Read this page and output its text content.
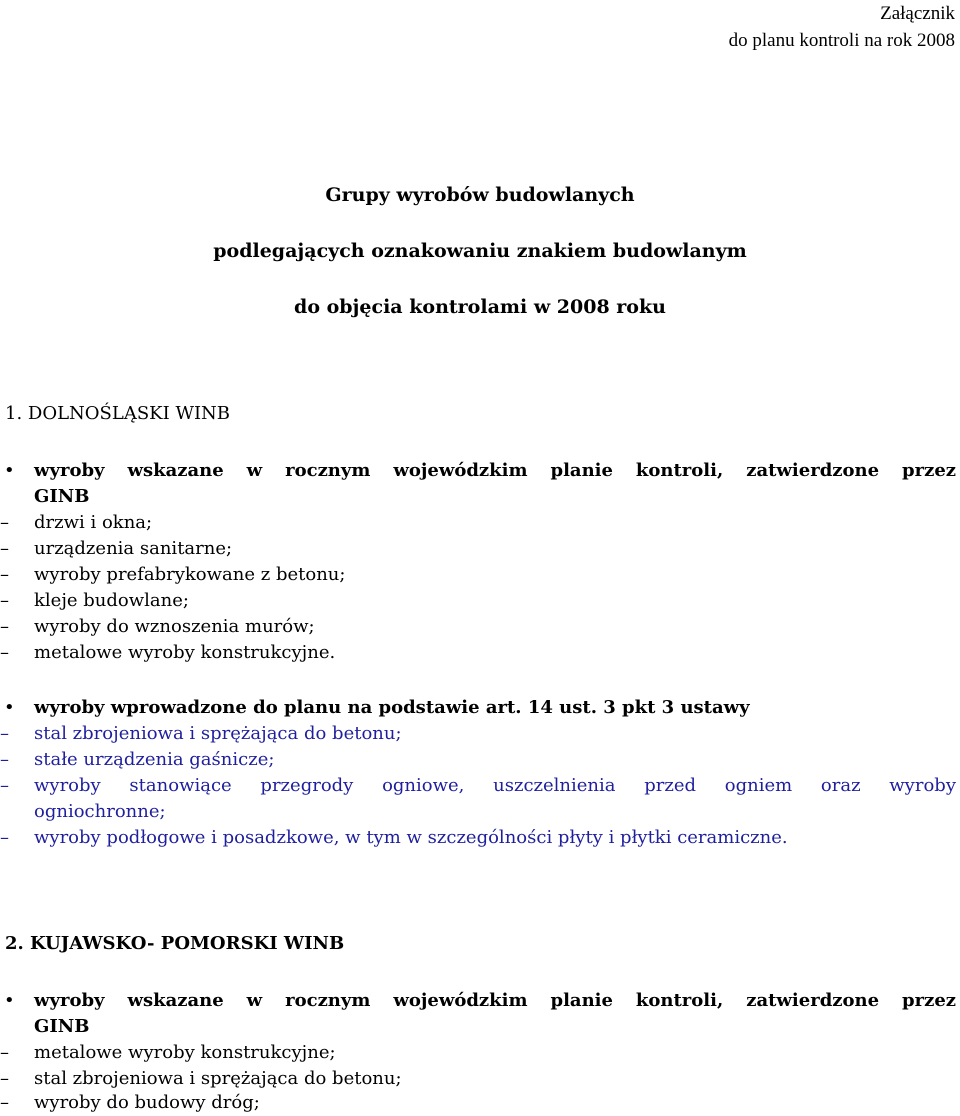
Załącznik
do planu kontroli na rok 2008
Grupy wyrobów budowlanych
podlegających oznakowaniu znakiem budowlanym
do objęcia kontrolami w 2008 roku
1. DOLNOŚLĄSKI WINB
•	wyroby wskazane w rocznym wojewódzkim planie kontroli, zatwierdzone przez
GINB
– drzwi i okna;
– urządzenia sanitarne;
– wyroby prefabrykowane z betonu;
– kleje budowlane;
– wyroby do wznoszenia murów;
– metalowe wyroby konstrukcyjne.
•	wyroby wprowadzone do planu na podstawie art. 14 ust. 3 pkt 3 ustawy
– stal zbrojeniowa i sprężająca do betonu;
– stałe urządzenia gaśnicze;
– wyroby stanowiące przegrody ogniowe, uszczelnienia przed ogniem oraz wyroby
ogniochronne;
– wyroby podłogowe i posadzkowe, w tym w szczególności płyty i płytki ceramiczne.
2. KUJAWSKO- POMORSKI WINB
•	wyroby wskazane w rocznym wojewódzkim planie kontroli, zatwierdzone przez
GINB
– metalowe wyroby konstrukcyjne;
– stal zbrojeniowa i sprężająca do betonu;
– wyroby do budowy dróg;
